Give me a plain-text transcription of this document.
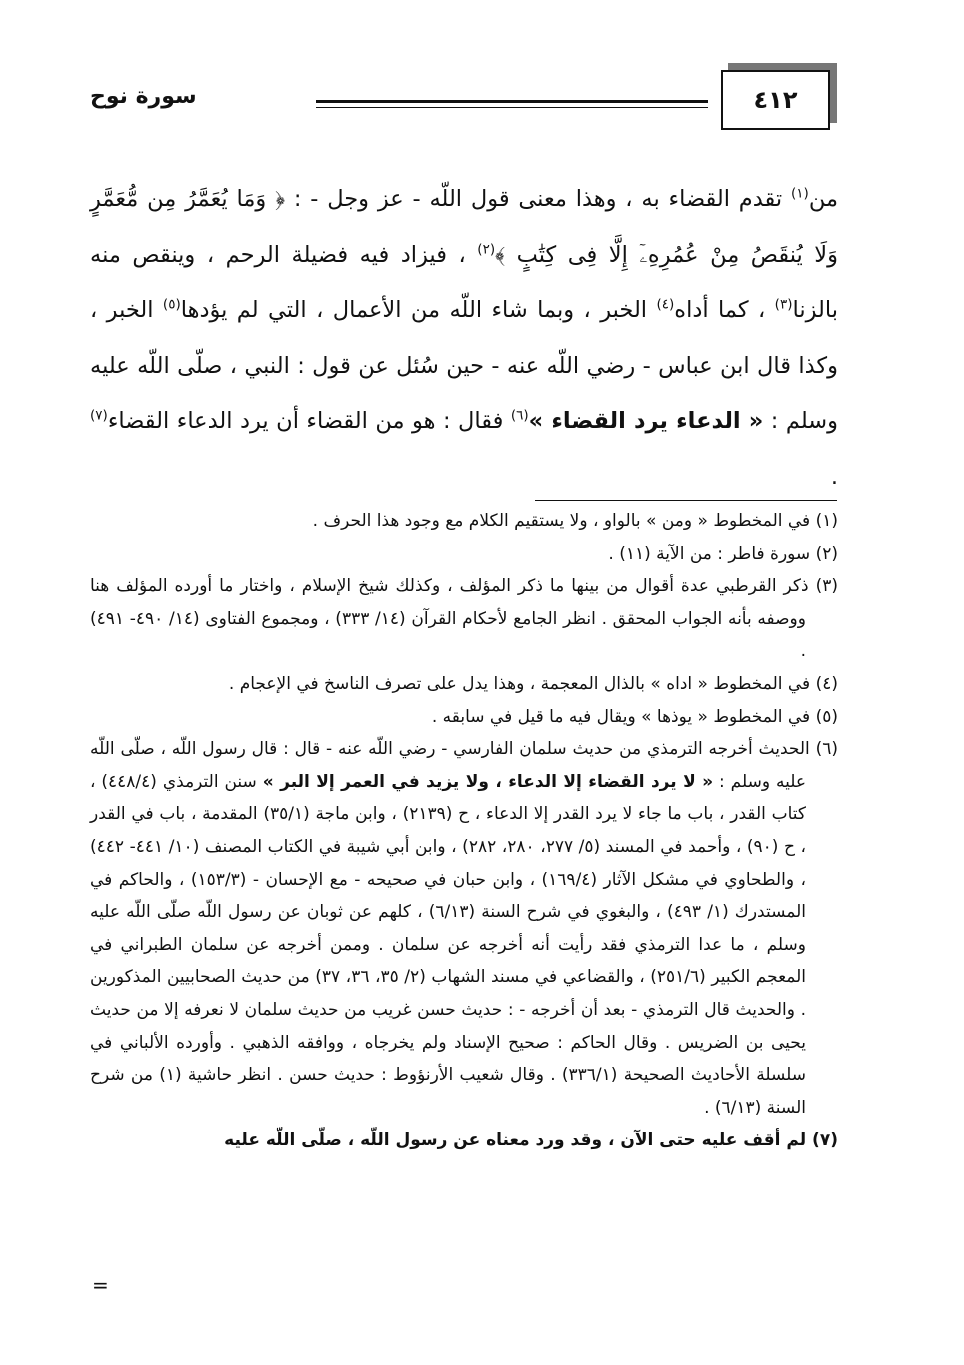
سورة نوح	٤١٢

من$^{(١)}$ تقدم القضاء به ، وهذا معنى قول اللّه - عز وجل - : ﴿ وَمَا يُعَمَّرُ مِن مُّعَمَّرٍ وَلَا يُنقَصُ مِنْ عُمُرِهِۦٓ إِلَّا فِى كِتَٰبٍ ﴾$^{(٢)}$ ، فيزاد فيه فضيلة الرحم ، وينقص منه بالزنا$^{(٣)}$ ، كما أداه$^{(٤)}$ الخبر ، وبما شاء اللّه من الأعمال ، التي لم يؤدها$^{(٥)}$ الخبر ، وكذا قال ابن عباس - رضي اللّه عنه - حين سُئل عن قول : النبي ، صلّى اللّه عليه وسلم : « الدعاء يرد القضاء »$^{(٦)}$ فقال : هو من القضاء أن يرد الدعاء القضاء$^{(٧)}$ .

(١) في المخطوط « ومن » بالواو ، ولا يستقيم الكلام مع وجود هذا الحرف .

(٢) سورة فاطر : من الآية (١١) .

(٣) ذكر القرطبي عدة أقوال من بينها ما ذكر المؤلف ، وكذلك شيخ الإسلام ، واختار ما أورده المؤلف هنا ووصفه بأنه الجواب المحقق . انظر الجامع لأحكام القرآن (١٤/ ٣٣٣) ، ومجموع الفتاوى (١٤/ ٤٩٠- ٤٩١) .

(٤) في المخطوط « اداه » بالذال المعجمة ، وهذا يدل على تصرف الناسخ في الإعجام .

(٥) في المخطوط « يوذها » ويقال فيه ما قيل في سابقه .

(٦) الحديث أخرجه الترمذي من حديث سلمان الفارسي - رضي اللّه عنه - قال : قال رسول اللّه ، صلّى اللّه عليه وسلم : « لا يرد القضاء إلا الدعاء ، ولا يزيد في العمر إلا البر » سنن الترمذي (٤٤٨/٤) ، كتاب القدر ، باب ما جاء لا يرد القدر إلا الدعاء ، ح (٢١٣٩) ، وابن ماجة (٣٥/١) المقدمة ، باب في القدر ، ح (٩٠) ، وأحمد في المسند (٥/ ٢٧٧، ٢٨٠، ٢٨٢) ، وابن أبي شيبة في الكتاب المصنف (١٠/ ٤٤١- ٤٤٢) ، والطحاوي في مشكل الآثار (١٦٩/٤) ، وابن حبان في صحيحه - مع الإحسان - (١٥٣/٣) ، والحاكم في المستدرك (١/ ٤٩٣) ، والبغوي في شرح السنة (٦/١٣) ، كلهم عن ثوبان عن رسول اللّه صلّى اللّه عليه وسلم ، ما عدا الترمذي فقد رأيت أنه أخرجه عن سلمان . وممن أخرجه عن سلمان الطبراني في المعجم الكبير (٢٥١/٦) ، والقضاعي في مسند الشهاب (٢/ ٣٥، ٣٦، ٣٧) من حديث الصحابيين المذكورين . والحديث قال الترمذي - بعد أن أخرجه - : حديث حسن غريب من حديث سلمان لا نعرفه إلا من حديث يحيى بن الضريس . وقال الحاكم : صحيح الإسناد ولم يخرجاه ، ووافقه الذهبي . وأورده الألباني في سلسلة الأحاديث الصحيحة (٣٣٦/١) . وقال شعيب الأرنؤوط : حديث حسن . انظر حاشية (١) من شرح السنة (٦/١٣) .

(٧) لم أقف عليه حتى الآن ، وقد ورد معناه عن رسول اللّه ، صلّى اللّه عليه

=
